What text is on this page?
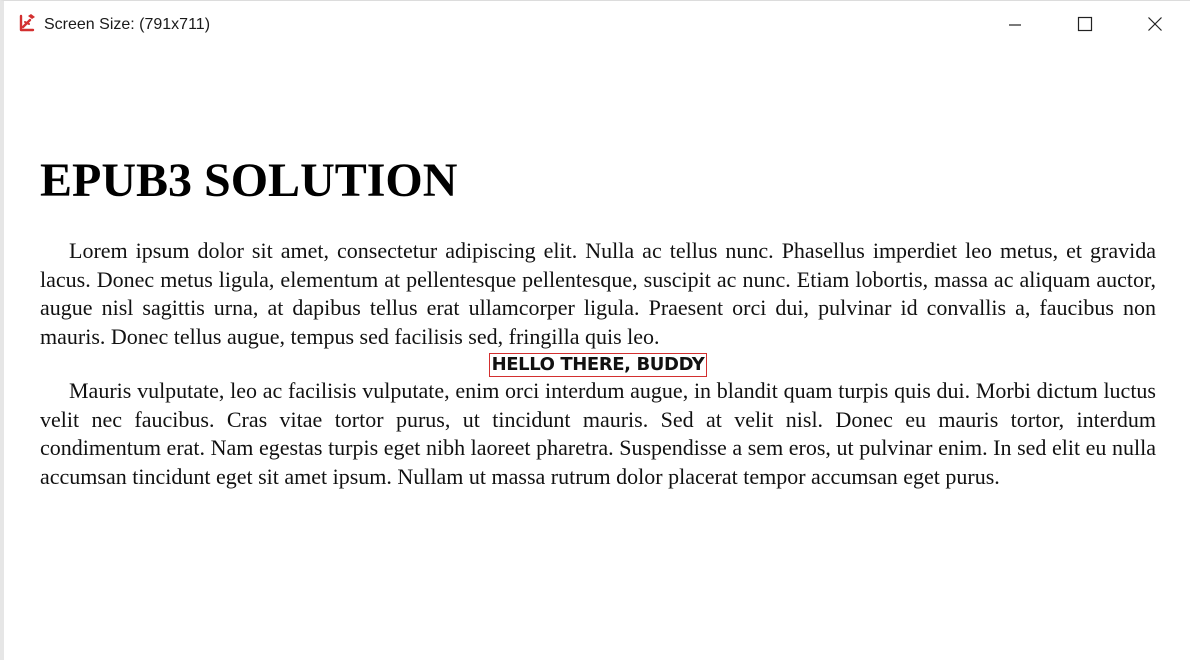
Screen Size: (791x711)
EPUB3 SOLUTION

Lorem ipsum dolor sit amet, consectetur adipiscing elit. Nulla ac tellus nunc. Phasellus imperdiet leo metus, et gravida lacus. Donec metus ligula, elementum at pellentesque pellentesque, suscipit ac nunc. Etiam lobortis, massa ac aliquam auctor, augue nisl sagittis urna, at dapibus tellus erat ullamcorper ligula. Praesent orci dui, pulvinar id convallis a, faucibus non mauris. Donec tellus augue, tempus sed facilisis sed, fringilla quis leo.

HELLO THERE, BUDDY

Mauris vulputate, leo ac facilisis vulputate, enim orci interdum augue, in blandit quam turpis quis dui. Morbi dictum luctus velit nec faucibus. Cras vitae tortor purus, ut tincidunt mauris. Sed at velit nisl. Donec eu mauris tortor, interdum condimentum erat. Nam egestas turpis eget nibh laoreet pharetra. Suspendisse a sem eros, ut pulvinar enim. In sed elit eu nulla accumsan tincidunt eget sit amet ipsum. Nullam ut massa rutrum dolor placerat tempor accumsan eget purus.
